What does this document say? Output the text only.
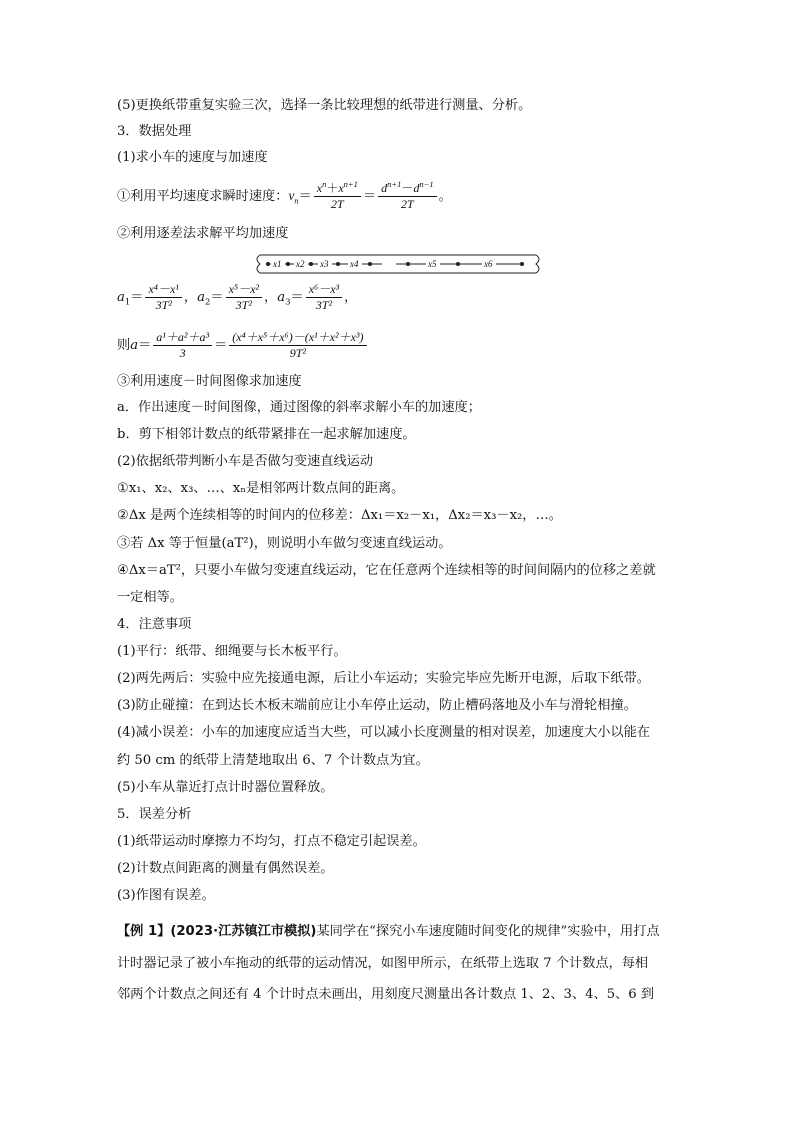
(5)更换纸带重复实验三次，选择一条比较理想的纸带进行测量、分析。
3．数据处理
(1)求小车的速度与加速度
①利用平均速度求瞬时速度：$v_n= \frac{x^n+x^{n+1}}{2T} = \frac{d^{n+1}-d^{n-1}}{2T}$ 。
②利用逐差法求解平均加速度
x1 x2 x3 x4	x5	x6
$a_1= \frac{\text{x⁴－x¹}}{\text{3T²}}$ ，$a_2= \frac{\text{x⁵－x²}}{\text{3T²}}$ ，$a_3= \frac{\text{x⁶－x³}}{\text{3T²}}$ ，
则$a= \frac{\text{a¹＋a²＋a³}}{3} = \frac{\text{(x⁴＋x⁵＋x⁶)－(x¹＋x²＋x³)}}{\text{9T²}}$
③利用速度－时间图像求加速度
a．作出速度－时间图像，通过图像的斜率求解小车的加速度；
b．剪下相邻计数点的纸带紧排在一起求解加速度。
(2)依据纸带判断小车是否做匀变速直线运动
①x₁、x₂、x₃、…、xₙ是相邻两计数点间的距离。
②Δx 是两个连续相等的时间内的位移差：Δx₁＝x₂－x₁，Δx₂＝x₃－x₂，…。
③若 Δx 等于恒量(aT²)，则说明小车做匀变速直线运动。
④Δx＝aT²，只要小车做匀变速直线运动，它在任意两个连续相等的时间间隔内的位移之差就
一定相等。
4．注意事项
(1)平行：纸带、细绳要与长木板平行。
(2)两先两后：实验中应先接通电源，后让小车运动；实验完毕应先断开电源，后取下纸带。
(3)防止碰撞：在到达长木板末端前应让小车停止运动，防止槽码落地及小车与滑轮相撞。
(4)减小误差：小车的加速度应适当大些，可以减小长度测量的相对误差，加速度大小以能在
约 50 cm 的纸带上清楚地取出 6、7 个计数点为宜。
(5)小车从靠近打点计时器位置释放。
5．误差分析
(1)纸带运动时摩擦力不均匀，打点不稳定引起误差。
(2)计数点间距离的测量有偶然误差。
(3)作图有误差。
【例 1】(2023·江苏镇江市模拟)某同学在“探究小车速度随时间变化的规律”实验中，用打点
计时器记录了被小车拖动的纸带的运动情况，如图甲所示，在纸带上选取 7 个计数点，每相
邻两个计数点之间还有 4 个计时点未画出，用刻度尺测量出各计数点 1、2、3、4、5、6 到
